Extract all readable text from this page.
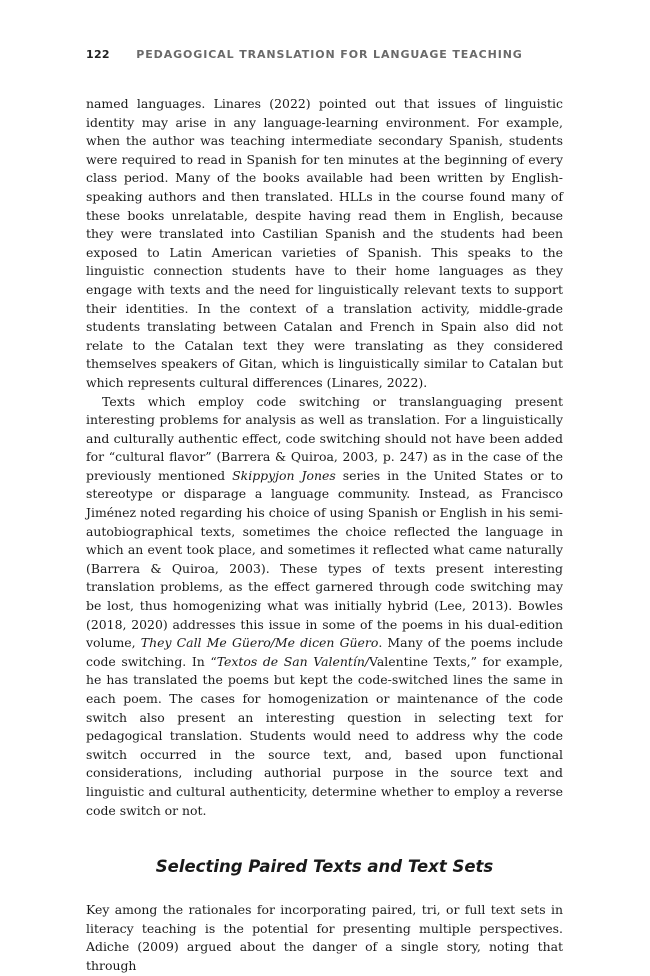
122 PEDAGOGICAL TRANSLATION FOR LANGUAGE TEACHING

named languages. Linares (2022) pointed out that issues of linguistic identity may arise in any language-learning environment. For example, when the author was teaching intermediate secondary Spanish, students were required to read in Spanish for ten minutes at the beginning of every class period. Many of the books available had been written by English-speaking authors and then translated. HLLs in the course found many of these books unrelatable, despite having read them in English, because they were translated into Castilian Spanish and the students had been exposed to Latin American varieties of Spanish. This speaks to the linguistic connection students have to their home languages as they engage with texts and the need for linguistically relevant texts to support their identities. In the context of a translation activity, middle-grade students translating between Catalan and French in Spain also did not relate to the Catalan text they were translating as they considered themselves speakers of Gitan, which is linguistically similar to Catalan but which represents cultural differences (Linares, 2022).

Texts which employ code switching or translanguaging present interesting problems for analysis as well as translation. For a linguistically and culturally authentic effect, code switching should not have been added for “cultural flavor” (Barrera & Quiroa, 2003, p. 247) as in the case of the previously mentioned Skippyjon Jones series in the United States or to stereotype or disparage a language community. Instead, as Francisco Jiménez noted regarding his choice of using Spanish or English in his semi-autobiographical texts, sometimes the choice reflected the language in which an event took place, and sometimes it reflected what came naturally (Barrera & Quiroa, 2003). These types of texts present interesting translation problems, as the effect garnered through code switching may be lost, thus homogenizing what was initially hybrid (Lee, 2013). Bowles (2018, 2020) addresses this issue in some of the poems in his dual-edition volume, They Call Me Güero/Me dicen Güero. Many of the poems include code switching. In “Textos de San Valentín/Valentine Texts,” for example, he has translated the poems but kept the code-switched lines the same in each poem. The cases for homogenization or maintenance of the code switch also present an interesting question in selecting text for pedagogical translation. Students would need to address why the code switch occurred in the source text, and, based upon functional considerations, including authorial purpose in the source text and linguistic and cultural authenticity, determine whether to employ a reverse code switch or not.

Selecting Paired Texts and Text Sets

Key among the rationales for incorporating paired, tri, or full text sets in literacy teaching is the potential for presenting multiple perspectives. Adiche (2009) argued about the danger of a single story, noting that through
